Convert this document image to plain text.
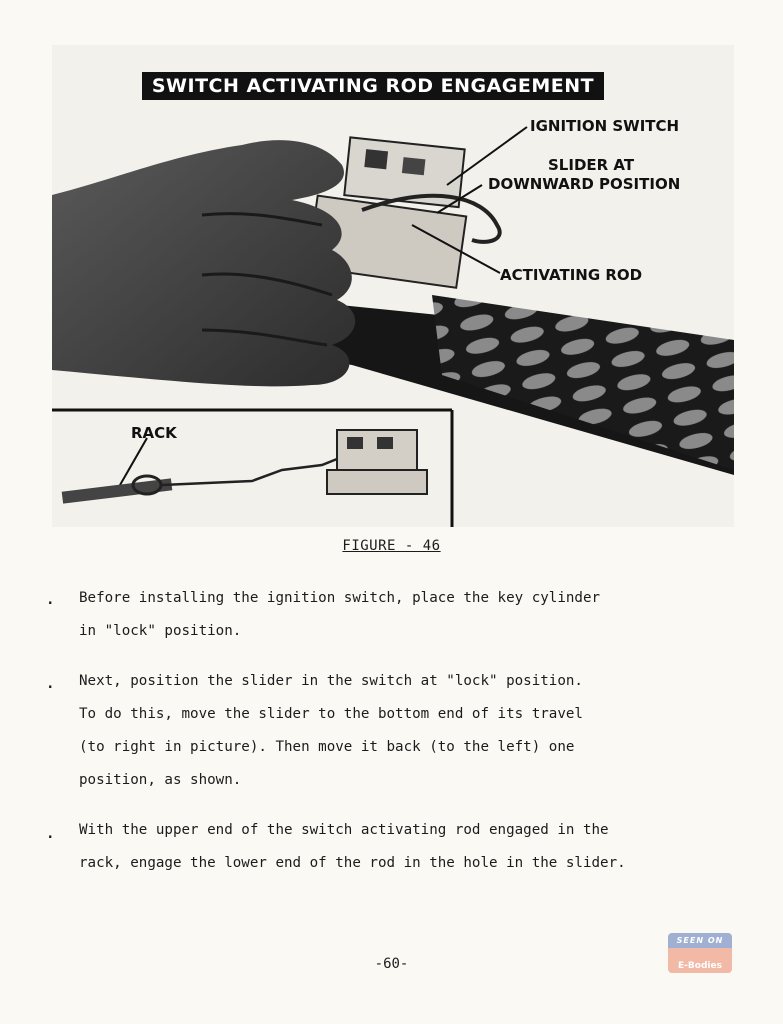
SWITCH ACTIVATING ROD ENGAGEMENT
IGNITION SWITCH
SLIDER AT
DOWNWARD POSITION
ACTIVATING ROD
RACK
FIGURE - 46
. Before installing the ignition switch, place the key cylinder
in "lock" position.
. Next, position the slider in the switch at "lock" position.
To do this, move the slider to the bottom end of its travel
(to right in picture). Then move it back (to the left) one
position, as shown.
. With the upper end of the switch activating rod engaged in the
rack, engage the lower end of the rod in the hole in the slider.
-60-
SEEN ON
E-Bodies
